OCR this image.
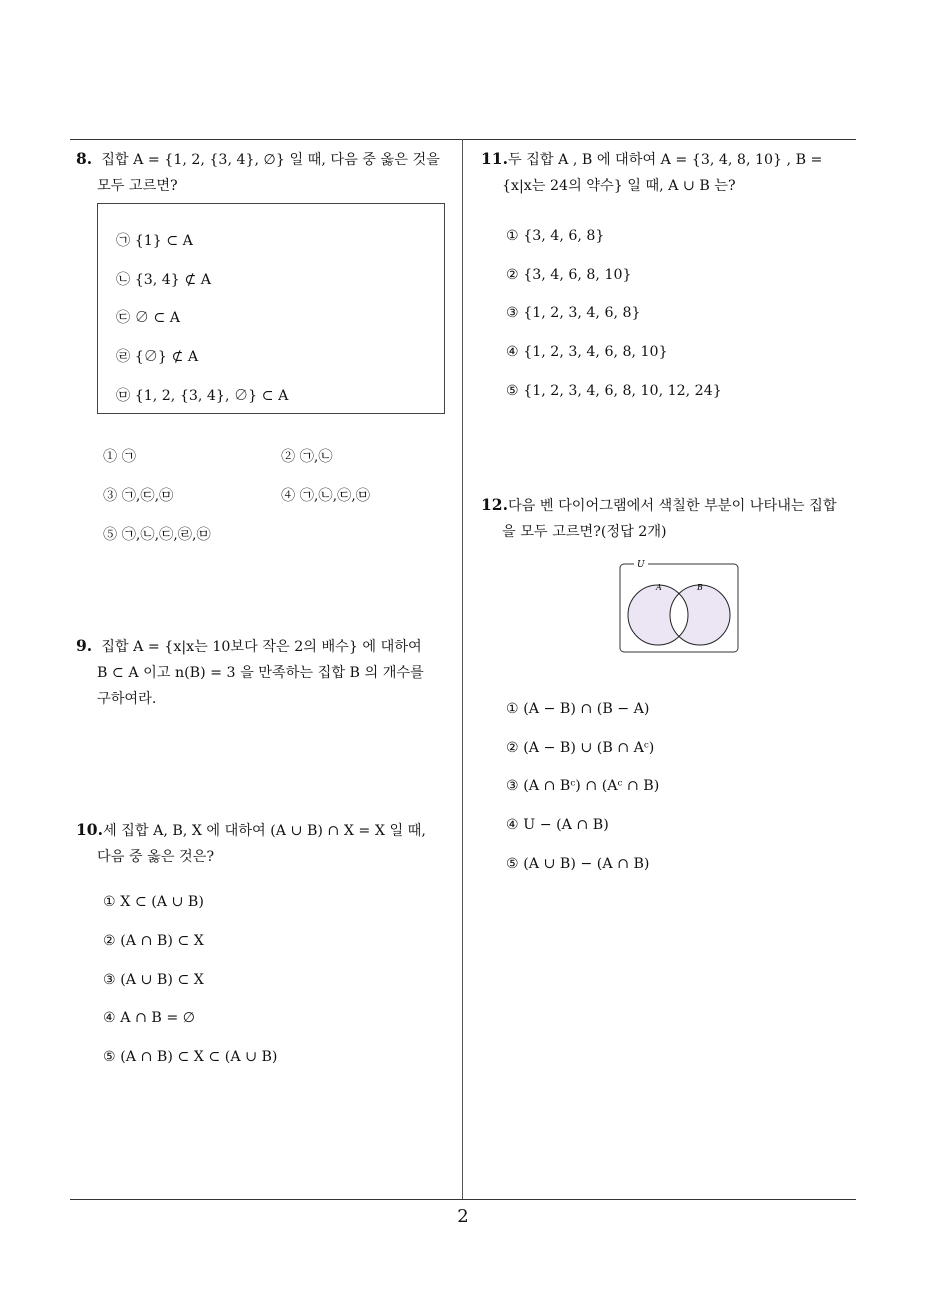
8. 집합 A = {1, 2, {3, 4}, ∅} 일 때, 다음 중 옳은 것을

모두 고르면?

㉠ {1} ⊂ A
㉡ {3, 4} ⊄ A
㉢ ∅ ⊂ A
㉣ {∅} ⊄ A
㉤ {1, 2, {3, 4}, ∅} ⊂ A
① ㉠	② ㉠,㉡
③ ㉠,㉢,㉤	④ ㉠,㉡,㉢,㉤
⑤ ㉠,㉡,㉢,㉣,㉤

9. 집합 A = {x|x는 10보다 작은 2의 배수} 에 대하여

B ⊂ A 이고 n(B) = 3 을 만족하는 집합 B 의 개수를

구하여라.

10.세 집합 A, B, X 에 대하여 (A ∪ B) ∩ X = X 일 때,

다음 중 옳은 것은?

① X ⊂ (A ∪ B)
② (A ∩ B) ⊂ X
③ (A ∪ B) ⊂ X
④ A ∩ B = ∅
⑤ (A ∩ B) ⊂ X ⊂ (A ∪ B)

11.두 집합 A , B 에 대하여 A = {3, 4, 8, 10} , B =

{x|x는 24의 약수} 일 때, A ∪ B 는?

① {3, 4, 6, 8}
② {3, 4, 6, 8, 10}
③ {1, 2, 3, 4, 6, 8}
④ {1, 2, 3, 4, 6, 8, 10}
⑤ {1, 2, 3, 4, 6, 8, 10, 12, 24}

12.다음 벤 다이어그램에서 색칠한 부분이 나타내는 집합

을 모두 고르면?(정답 2개)

U
A	B
① (A − B) ∩ (B − A)
② (A − B) ∪ (B ∩ Aᶜ)
③ (A ∩ Bᶜ) ∩ (Aᶜ ∩ B)
④ U − (A ∩ B)
⑤ (A ∪ B) − (A ∩ B)
2
